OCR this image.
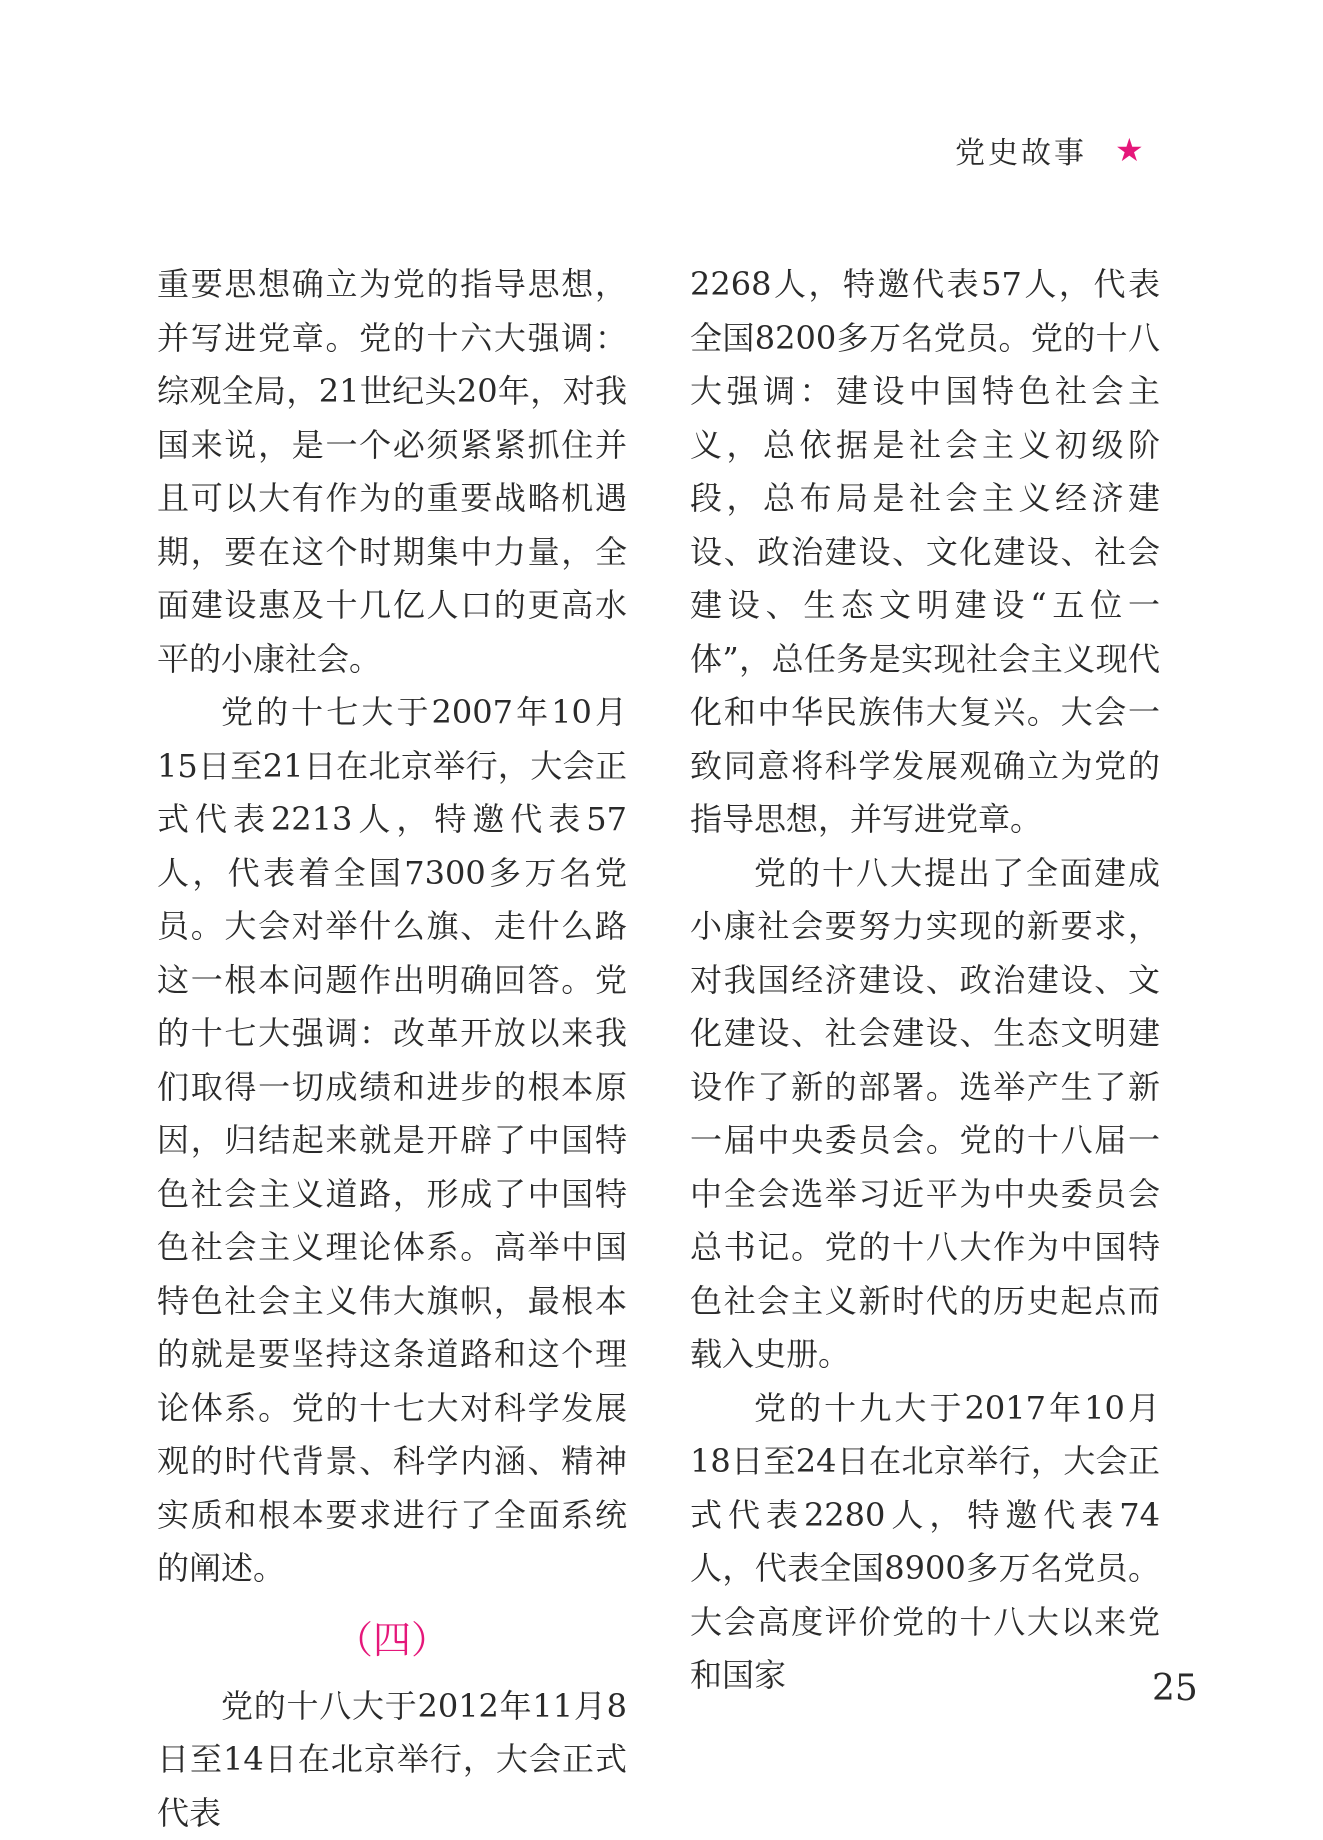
党史故事 ★

重要思想确立为党的指导思想，并写进党章。党的十六大强调：综观全局，21世纪头20年，对我国来说，是一个必须紧紧抓住并且可以大有作为的重要战略机遇期，要在这个时期集中力量，全面建设惠及十几亿人口的更高水平的小康社会。

党的十七大于2007年10月15日至21日在北京举行，大会正式代表2213人，特邀代表57人，代表着全国7300多万名党员。大会对举什么旗、走什么路这一根本问题作出明确回答。党的十七大强调：改革开放以来我们取得一切成绩和进步的根本原因，归结起来就是开辟了中国特色社会主义道路，形成了中国特色社会主义理论体系。高举中国特色社会主义伟大旗帜，最根本的就是要坚持这条道路和这个理论体系。党的十七大对科学发展观的时代背景、科学内涵、精神实质和根本要求进行了全面系统的阐述。

（四）

党的十八大于2012年11月8日至14日在北京举行，大会正式代表

2268人，特邀代表57人，代表全国8200多万名党员。党的十八大强调：建设中国特色社会主义，总依据是社会主义初级阶段，总布局是社会主义经济建设、政治建设、文化建设、社会建设、生态文明建设“五位一体”，总任务是实现社会主义现代化和中华民族伟大复兴。大会一致同意将科学发展观确立为党的指导思想，并写进党章。

党的十八大提出了全面建成小康社会要努力实现的新要求，对我国经济建设、政治建设、文化建设、社会建设、生态文明建设作了新的部署。选举产生了新一届中央委员会。党的十八届一中全会选举习近平为中央委员会总书记。党的十八大作为中国特色社会主义新时代的历史起点而载入史册。

党的十九大于2017年10月18日至24日在北京举行，大会正式代表2280人，特邀代表74人，代表全国8900多万名党员。大会高度评价党的十八大以来党和国家	25
